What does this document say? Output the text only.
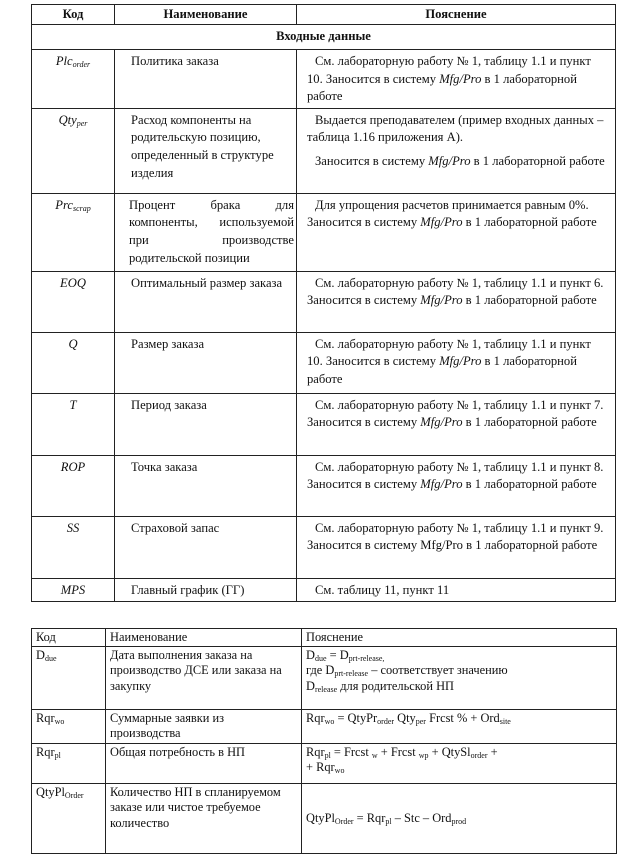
Код	Наименование	Пояснение
Входные данные		
Plc$_{order}$	Политика заказа	См. лабораторную работу № 1, таблицу 1.1 и пункт 10. Заносится в систему Mfg/Pro в 1 лабораторной работе

Qty$_{per}$	Расход компоненты на родительскую позицию, определенный в структуре изделия	Выдается преподавателем (пример входных данных – таблица 1.16 приложения А).

Заносится в систему Mfg/Pro в 1 лабораторной работе

Prc$_{scrap}$	Процент брака для компоненты, используемой при производстве родительской позиции	Для упрощения расчетов принимается равным 0%. Заносится в систему Mfg/Pro в 1 лабораторной работе

EOQ	Оптимальный размер заказа	См. лабораторную работу № 1, таблицу 1.1 и пункт 6. Заносится в систему Mfg/Pro в 1 лабораторной работе

Q	Размер заказа	См. лабораторную работу № 1, таблицу 1.1 и пункт 10. Заносится в систему Mfg/Pro в 1 лабораторной работе

T	Период заказа	См. лабораторную работу № 1, таблицу 1.1 и пункт 7. Заносится в систему Mfg/Pro в 1 лабораторной работе

ROP	Точка заказа	См. лабораторную работу № 1, таблицу 1.1 и пункт 8. Заносится в систему Mfg/Pro в 1 лабораторной работе

SS	Страховой запас	См. лабораторную работу № 1, таблицу 1.1 и пункт 9. Заносится в систему Mfg/Pro в 1 лабораторной работе

MPS	Главный график (ГГ)	См. таблицу 11, пункт 11

Код	Наименование	Пояснение
$D_{due}$	Дата выполнения заказа на производство ДСЕ или заказа на закупку	$D_{due} = D_{prt-release,}$
где $D_{prt-release}$ – соответствует значению
$D_{release}$ для родительской НП

Rqr$_{wo}$	Суммарные заявки из производства	Rqr$_{wo}$ = QtyPr$_{order}$ Qty$_{per}$ Frcst % + Ord$_{site}$
Rqr$_{pl}$	Общая потребность в НП	Rqr$_{pl}$ = Frcst $_w$ + Frcst $_{wp}$ + QtySl$_{order}$ +
+ Rqr$_{wo}$

QtyPl$_{Order}$	Количество НП в спланируемом заказе или чистое требуемое количество	QtyPl$_{Order}$ = Rqr$_{pl}$ – Stc – Ord$_{prod}$
